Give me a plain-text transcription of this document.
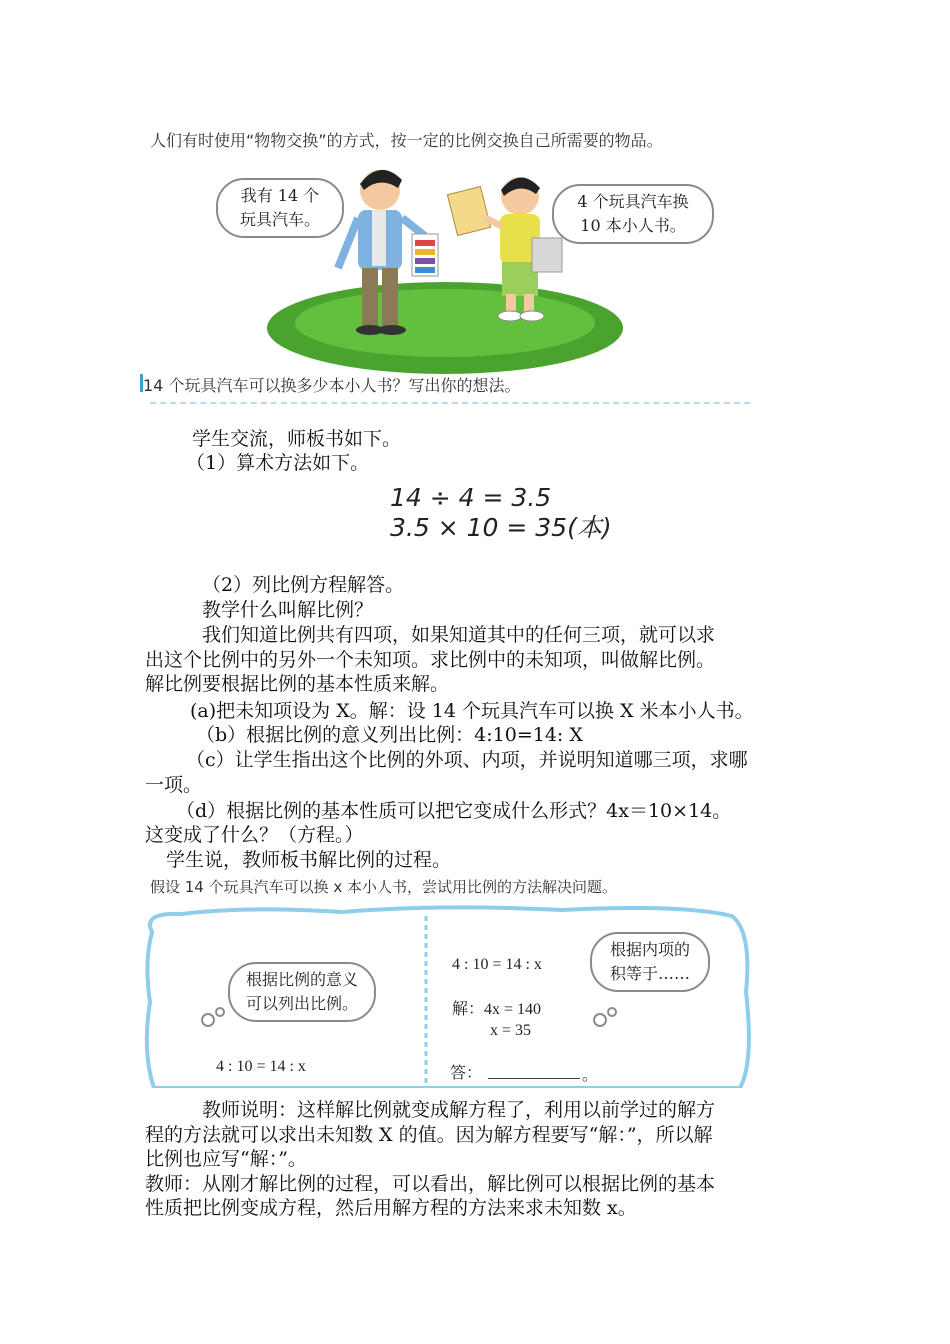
我有 14 个
玩具汽车。
4 个玩具汽车换
10 本小人书。
人们有时使用“物物交换”的方式，按一定的比例交换自己所需要的物品。
14 个玩具汽车可以换多少本小人书？写出你的想法。
学生交流，师板书如下。
（1）算术方法如下。
14 ÷ 4 = 3.5
3.5 × 10 = 35(本)
（2）列比例方程解答。
教学什么叫解比例？
我们知道比例共有四项，如果知道其中的任何三项，就可以求
出这个比例中的另外一个未知项。求比例中的未知项，叫做解比例。
解比例要根据比例的基本性质来解。
(a)把未知项设为 X。解：设 14 个玩具汽车可以换 X 米本小人书。
（b）根据比例的意义列出比例：4:10=14: X
（c）让学生指出这个比例的外项、内项，并说明知道哪三项，求哪
一项。
（d）根据比例的基本性质可以把它变成什么形式？4x＝10×14。
这变成了什么？（方程。）
学生说，教师板书解比例的过程。
假设 14 个玩具汽车可以换 x 本小人书，尝试用比例的方法解决问题。
根据比例的意义
可以列出比例。
4 : 10 = 14 : x
4 : 10 = 14 : x
解：4x = 140
x = 35
答：	。
根据内项的
积等于……
教师说明：这样解比例就变成解方程了，利用以前学过的解方
程的方法就可以求出未知数 X 的值。因为解方程要写“解：”，所以解
比例也应写“解：”。
教师：从刚才解比例的过程，可以看出，解比例可以根据比例的基本
性质把比例变成方程，然后用解方程的方法来求未知数 x。
